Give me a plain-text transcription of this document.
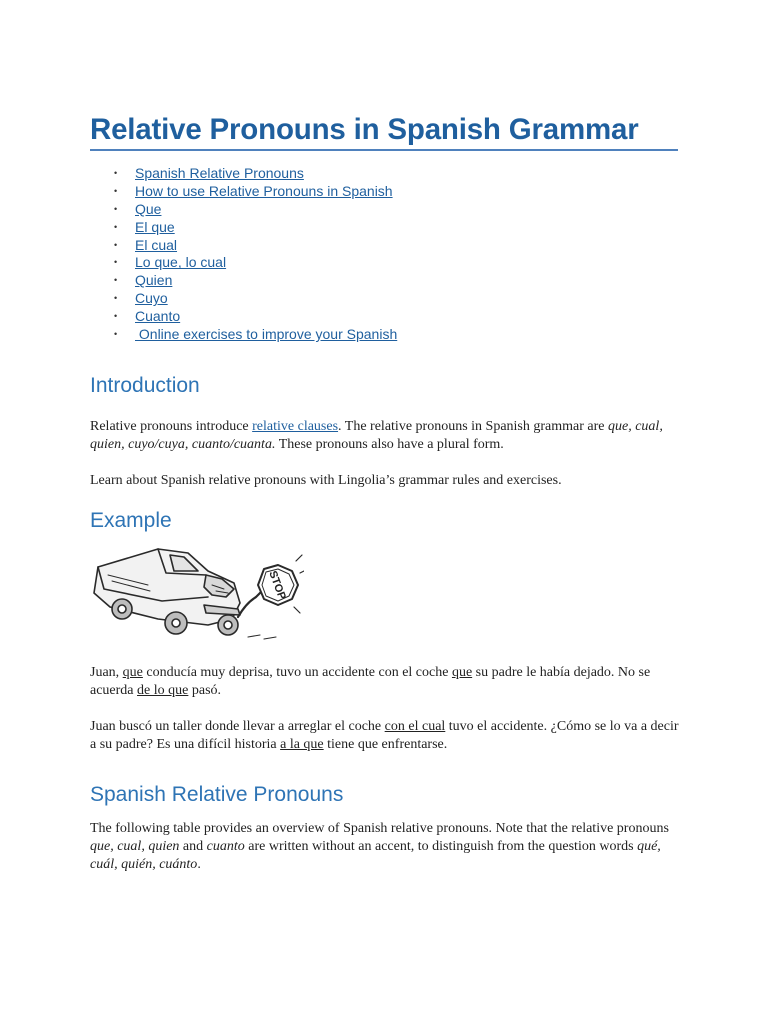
Relative Pronouns in Spanish Grammar
• Spanish Relative Pronouns
• How to use Relative Pronouns in Spanish
• Que
• El que
• El cual
• Lo que, lo cual
• Quien
• Cuyo
• Cuanto
• Online exercises to improve your Spanish
Introduction

Relative pronouns introduce relative clauses. The relative pronouns in Spanish grammar are que, cual, quien, cuyo/cuya, cuanto/cuanta. These pronouns also have a plural form.

Learn about Spanish relative pronouns with Lingolia’s grammar rules and exercises.

Example
STOP

Juan, que conducía muy deprisa, tuvo un accidente con el coche que su padre le había dejado. No se acuerda de lo que pasó.

Juan buscó un taller donde llevar a arreglar el coche con el cual tuvo el accidente. ¿Cómo se lo va a decir a su padre? Es una difícil historia a la que tiene que enfrentarse.

Spanish Relative Pronouns

The following table provides an overview of Spanish relative pronouns. Note that the relative pronouns que, cual, quien and cuanto are written without an accent, to distinguish from the question words qué, cuál, quién, cuánto.
